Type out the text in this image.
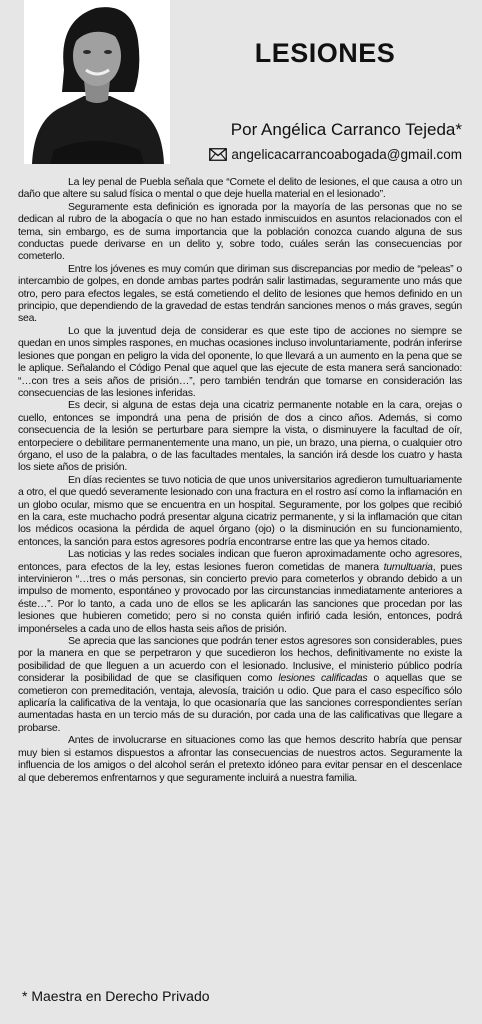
LESIONES
Por Angélica Carranco Tejeda*
angelicacarrancoabogada@gmail.com

La ley penal de Puebla señala que “Comete el delito de lesiones, el que causa a otro un daño que altere su salud física o mental o que deje huella material en el lesionado”.

Seguramente esta definición es ignorada por la mayoría de las personas que no se dedican al rubro de la abogacía o que no han estado inmiscuidos en asuntos relacionados con el tema, sin embargo, es de suma importancia que la población conozca cuando alguna de sus conductas puede derivarse en un delito y, sobre todo, cuáles serán las consecuencias por cometerlo.

Entre los jóvenes es muy común que diriman sus discrepancias por medio de “peleas” o intercambio de golpes, en donde ambas partes podrán salir lastimadas, seguramente uno más que otro, pero para efectos legales, se está cometiendo el delito de lesiones que hemos definido en un principio, que dependiendo de la gravedad de estas tendrán sanciones menos o más graves, según sea.

Lo que la juventud deja de considerar es que este tipo de acciones no siempre se quedan en unos simples raspones, en muchas ocasiones incluso involuntariamente, podrán inferirse lesiones que pongan en peligro la vida del oponente, lo que llevará a un aumento en la pena que se le aplique. Señalando el Código Penal que aquel que las ejecute de esta manera será sancionado: “…con tres a seis años de prisión…”, pero también tendrán que tomarse en consideración las consecuencias de las lesiones inferidas.

Es decir, si alguna de estas deja una cicatriz permanente notable en la cara, orejas o cuello, entonces se impondrá una pena de prisión de dos a cinco años. Además, si como consecuencia de la lesión se perturbare para siempre la vista, o disminuyere la facultad de oír, entorpeciere o debilitare permanentemente una mano, un pie, un brazo, una pierna, o cualquier otro órgano, el uso de la palabra, o de las facultades mentales, la sanción irá desde los cuatro y hasta los siete años de prisión.

En días recientes se tuvo noticia de que unos universitarios agredieron tumultuariamente a otro, el que quedó severamente lesionado con una fractura en el rostro así como la inflamación en un globo ocular, mismo que se encuentra en un hospital. Seguramente, por los golpes que recibió en la cara, este muchacho podrá presentar alguna cicatriz permanente, y si la inflamación que citan los médicos ocasiona la pérdida de aquel órgano (ojo) o la disminución en su funcionamiento, entonces, la sanción para estos agresores podría encontrarse entre las que ya hemos citado.

Las noticias y las redes sociales indican que fueron aproximadamente ocho agresores, entonces, para efectos de la ley, estas lesiones fueron cometidas de manera tumultuaria, pues intervinieron “…tres o más personas, sin concierto previo para cometerlos y obrando debido a un impulso de momento, espontáneo y provocado por las circunstancias inmediatamente anteriores a éste…”. Por lo tanto, a cada uno de ellos se les aplicarán las sanciones que procedan por las lesiones que hubieren cometido; pero si no consta quién infirió cada lesión, entonces, podrá imponérseles a cada uno de ellos hasta seis años de prisión.

Se aprecia que las sanciones que podrán tener estos agresores son considerables, pues por la manera en que se perpetraron y que sucedieron los hechos, definitivamente no existe la posibilidad de que lleguen a un acuerdo con el lesionado. Inclusive, el ministerio público podría considerar la posibilidad de que se clasifiquen como lesiones calificadas o aquellas que se cometieron con premeditación, ventaja, alevosía, traición u odio. Que para el caso específico sólo aplicaría la calificativa de la ventaja, lo que ocasionaría que las sanciones correspondientes serían aumentadas hasta en un tercio más de su duración, por cada una de las calificativas que llegare a probarse.

Antes de involucrarse en situaciones como las que hemos descrito habría que pensar muy bien si estamos dispuestos a afrontar las consecuencias de nuestros actos. Seguramente la influencia de los amigos o del alcohol serán el pretexto idóneo para evitar pensar en el descenlace al que deberemos enfrentarnos y que seguramente incluirá a nuestra familia.

* Maestra en Derecho Privado
